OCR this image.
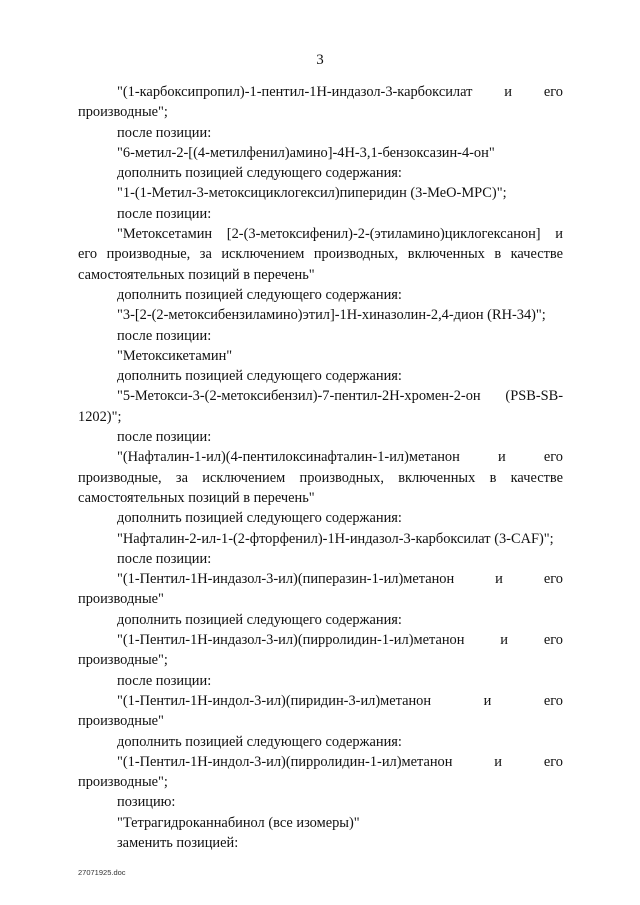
3

"(1-карбоксипропил)-1-пентил-1Н-индазол-3-карбоксилат и его
производные";

после позиции:

"6-метил-2-[(4-метилфенил)амино]-4Н-3,1-бензоксазин-4-он"

дополнить позицией следующего содержания:

"1-(1-Метил-3-метоксициклогексил)пиперидин (3-МеО-МРС)";

после позиции:

"Метоксетамин [2-(3-метоксифенил)-2-(этиламино)циклогексанон] и его производные, за исключением производных, включенных в качестве самостоятельных позиций в перечень"

дополнить позицией следующего содержания:

"3-[2-(2-метоксибензиламино)этил]-1Н-хиназолин-2,4-дион (RH-34)";

после позиции:

"Метоксикетамин"

дополнить позицией следующего содержания:

"5-Метокси-3-(2-метоксибензил)-7-пентил-2Н-хромен-2-он (PSB-SB-1202)";

после позиции:

"(Нафталин-1-ил)(4-пентилоксинафталин-1-ил)метанон и его производные, за исключением производных, включенных в качестве самостоятельных позиций в перечень"

дополнить позицией следующего содержания:

"Нафталин-2-ил-1-(2-фторфенил)-1Н-индазол-3-карбоксилат (3-CAF)";

после позиции:

"(1-Пентил-1Н-индазол-3-ил)(пиперазин-1-ил)метанон и его
производные"

дополнить позицией следующего содержания:

"(1-Пентил-1Н-индазол-3-ил)(пирролидин-1-ил)метанон и его
производные";

после позиции:

"(1-Пентил-1Н-индол-3-ил)(пиридин-3-ил)метанон и его
производные"

дополнить позицией следующего содержания:

"(1-Пентил-1Н-индол-3-ил)(пирролидин-1-ил)метанон и его
производные";

позицию:

"Тетрагидроканнабинол (все изомеры)"

заменить позицией:

27071925.doc
